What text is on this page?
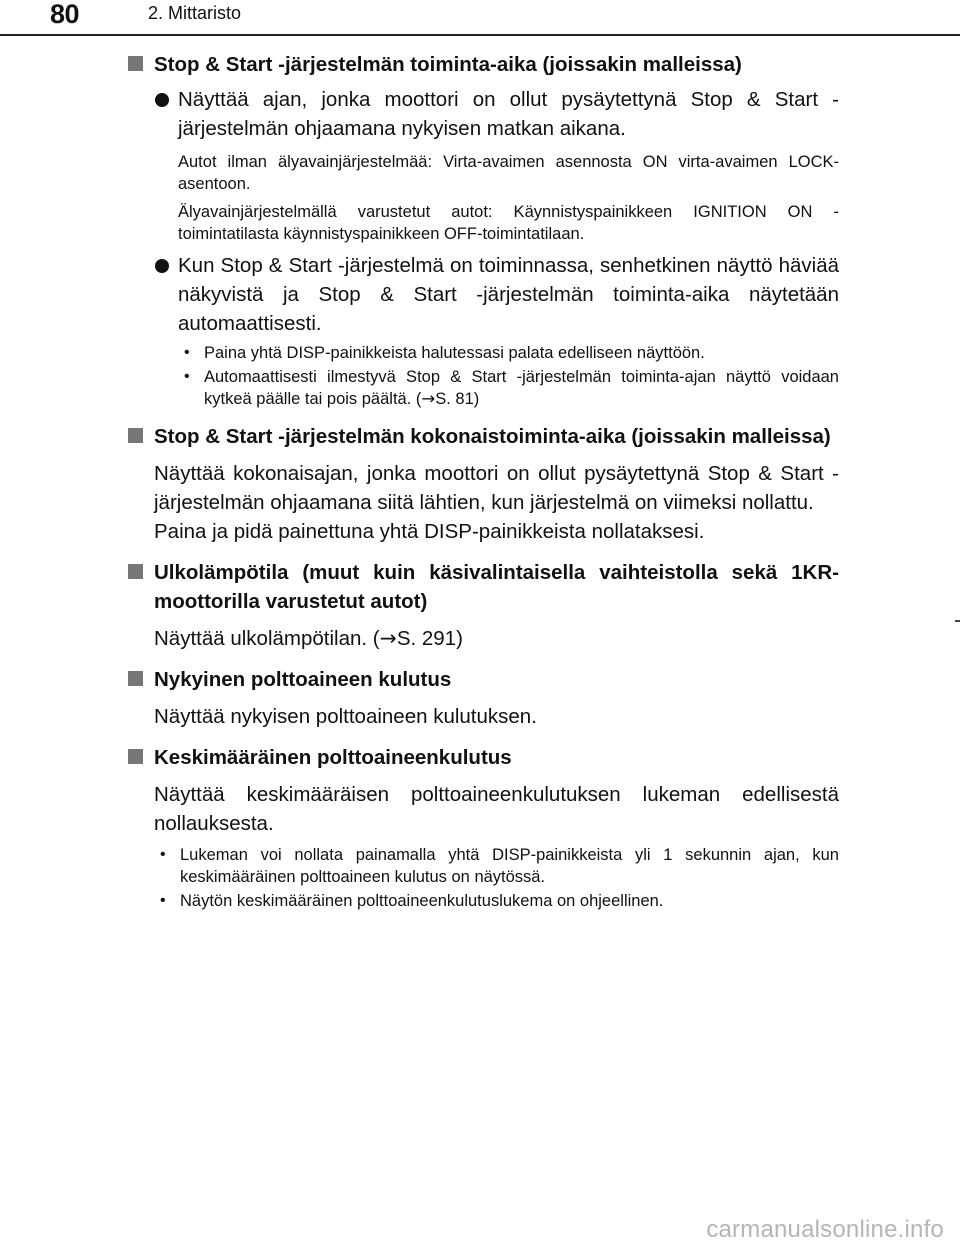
80	2. Mittaristo
Stop & Start -järjestelmän toiminta-aika (joissakin malleissa)
Näyttää ajan, jonka moottori on ollut pysäytettynä Stop & Start -järjestelmän ohjaamana nykyisen matkan aikana.

Autot ilman älyavainjärjestelmää: Virta-avaimen asennosta ON virta-avaimen LOCK-asentoon.

Älyavainjärjestelmällä varustetut autot: Käynnistyspainikkeen IGNITION ON -toimintatilasta käynnistyspainikkeen OFF-toimintatilaan.

Kun Stop & Start -järjestelmä on toiminnassa, senhetkinen näyttö häviää näkyvistä ja Stop & Start -järjestelmän toiminta-aika näytetään automaattisesti.
• Paina yhtä DISP-painikkeista halutessasi palata edelliseen näyttöön.
• Automaattisesti ilmestyvä Stop & Start -järjestelmän toiminta-ajan näyttö voidaan kytkeä päälle tai pois päältä. (→S. 81)
Stop & Start -järjestelmän kokonaistoiminta-aika (joissakin malleissa)

Näyttää kokonaisajan, jonka moottori on ollut pysäytettynä Stop & Start -järjestelmän ohjaamana siitä lähtien, kun järjestelmä on viimeksi nollattu.

Paina ja pidä painettuna yhtä DISP-painikkeista nollataksesi.

Ulkolämpötila (muut kuin käsivalintaisella vaihteistolla sekä 1KR-moottorilla varustetut autot)

Näyttää ulkolämpötilan. (→S. 291)

Nykyinen polttoaineen kulutus

Näyttää nykyisen polttoaineen kulutuksen.

Keskimääräinen polttoaineenkulutus

Näyttää keskimääräisen polttoaineenkulutuksen lukeman edellisestä nollauksesta.

• Lukeman voi nollata painamalla yhtä DISP-painikkeista yli 1 sekunnin ajan, kun keskimääräinen polttoaineen kulutus on näytössä.
• Näytön keskimääräinen polttoaineenkulutuslukema on ohjeellinen.
carmanualsonline.info
